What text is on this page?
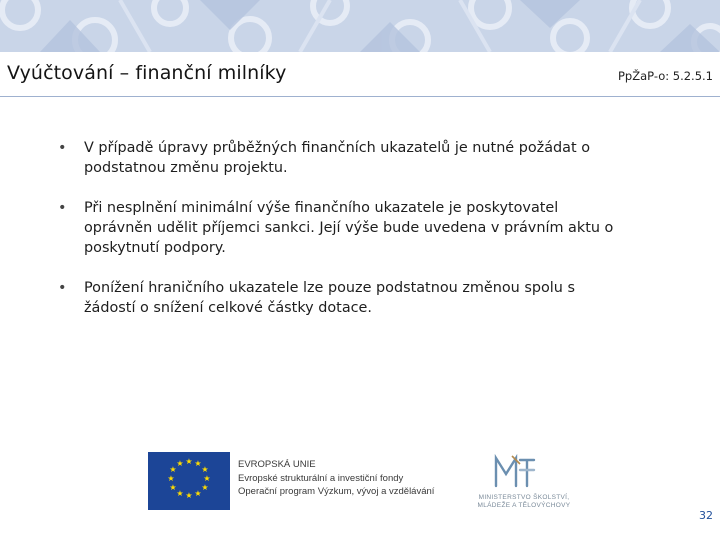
Vyúčtování – finanční milníky	PpŽaP-o: 5.2.5.1
• V případě úpravy průběžných finančních ukazatelů je nutné požádat o podstatnou změnu projektu.
• Při nesplnění minimální výše finančního ukazatele je poskytovatel oprávněn udělit příjemci sankci. Její výše bude uvedena v právním aktu o poskytnutí podpory.
• Ponížení hraničního ukazatele lze pouze podstatnou změnou spolu s žádostí o snížení celkové částky dotace.
★ ★
★
★
★
★
★
★
★
★
★
★	EVROPSKÁ UNIE
Evropské strukturální a investiční fondy
Operační program Výzkum, vývoj a vzdělávání
MINISTERSTVO ŠKOLSTVÍ,
MLÁDEŽE A TĚLOVÝCHOVY
32
